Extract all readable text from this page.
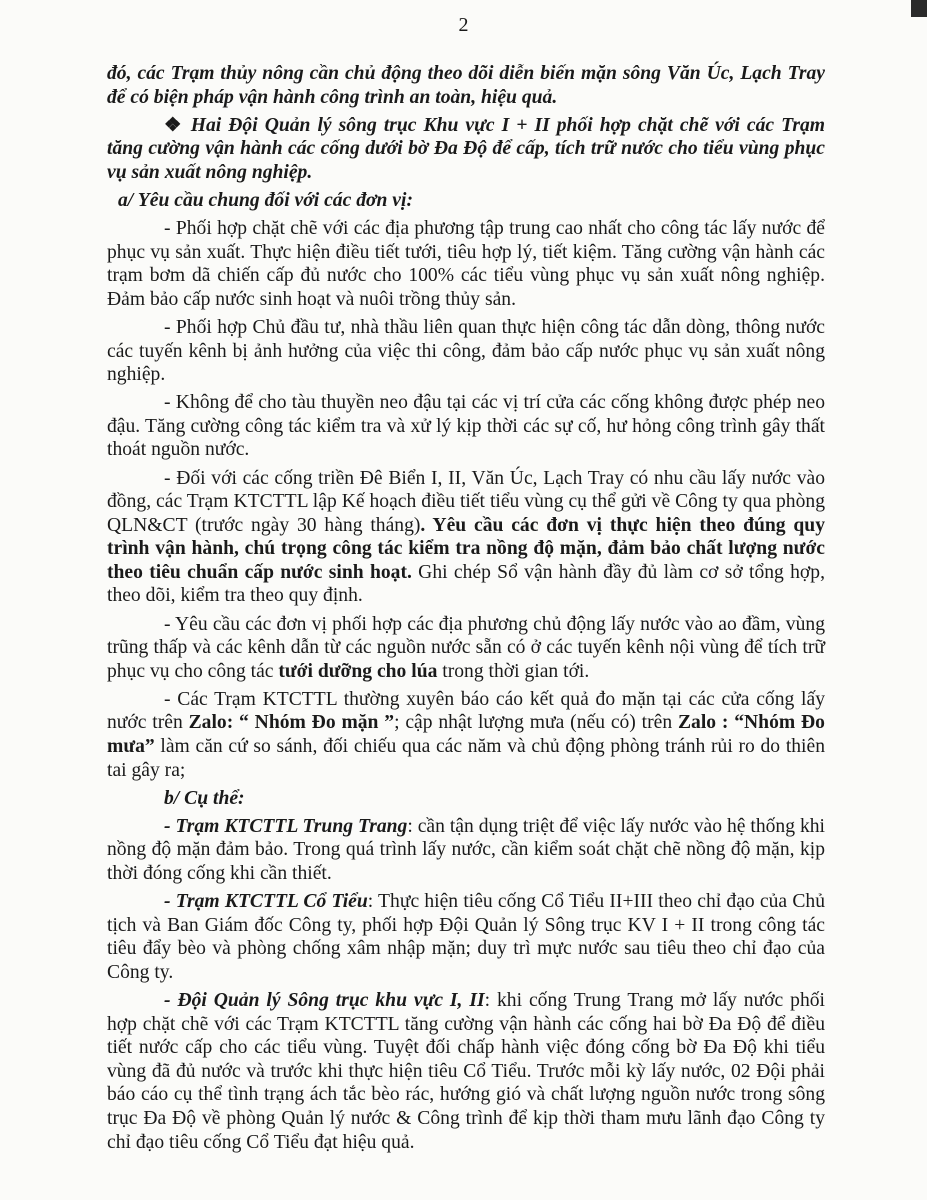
2

đó, các Trạm thủy nông cần chủ động theo dõi diễn biến mặn sông Văn Úc, Lạch Tray để có biện pháp vận hành công trình an toàn, hiệu quả.

❖ Hai Đội Quản lý sông trục Khu vực I + II phối hợp chặt chẽ với các Trạm tăng cường vận hành các cống dưới bờ Đa Độ để cấp, tích trữ nước cho tiểu vùng phục vụ sản xuất nông nghiệp.

a/ Yêu cầu chung đối với các đơn vị:

- Phối hợp chặt chẽ với các địa phương tập trung cao nhất cho công tác lấy nước để phục vụ sản xuất. Thực hiện điều tiết tưới, tiêu hợp lý, tiết kiệm. Tăng cường vận hành các trạm bơm dã chiến cấp đủ nước cho 100% các tiểu vùng phục vụ sản xuất nông nghiệp. Đảm bảo cấp nước sinh hoạt và nuôi trồng thủy sản.

- Phối hợp Chủ đầu tư, nhà thầu liên quan thực hiện công tác dẫn dòng, thông nước các tuyến kênh bị ảnh hưởng của việc thi công, đảm bảo cấp nước phục vụ sản xuất nông nghiệp.

- Không để cho tàu thuyền neo đậu tại các vị trí cửa các cống không được phép neo đậu. Tăng cường công tác kiểm tra và xử lý kịp thời các sự cố, hư hỏng công trình gây thất thoát nguồn nước.

- Đối với các cống triền Đê Biển I, II, Văn Úc, Lạch Tray có nhu cầu lấy nước vào đồng, các Trạm KTCTTL lập Kế hoạch điều tiết tiểu vùng cụ thể gửi về Công ty qua phòng QLN&CT (trước ngày 30 hàng tháng). Yêu cầu các đơn vị thực hiện theo đúng quy trình vận hành, chú trọng công tác kiểm tra nồng độ mặn, đảm bảo chất lượng nước theo tiêu chuẩn cấp nước sinh hoạt. Ghi chép Sổ vận hành đầy đủ làm cơ sở tổng hợp, theo dõi, kiểm tra theo quy định.

- Yêu cầu các đơn vị phối hợp các địa phương chủ động lấy nước vào ao đầm, vùng trũng thấp và các kênh dẫn từ các nguồn nước sẵn có ở các tuyến kênh nội vùng để tích trữ phục vụ cho công tác tưới dưỡng cho lúa trong thời gian tới.

- Các Trạm KTCTTL thường xuyên báo cáo kết quả đo mặn tại các cửa cống lấy nước trên Zalo: “ Nhóm Đo mặn ”; cập nhật lượng mưa (nếu có) trên Zalo : “Nhóm Đo mưa” làm căn cứ so sánh, đối chiếu qua các năm và chủ động phòng tránh rủi ro do thiên tai gây ra;

b/ Cụ thể:

- Trạm KTCTTL Trung Trang: cần tận dụng triệt để việc lấy nước vào hệ thống khi nồng độ mặn đảm bảo. Trong quá trình lấy nước, cần kiểm soát chặt chẽ nồng độ mặn, kịp thời đóng cống khi cần thiết.

- Trạm KTCTTL Cổ Tiểu: Thực hiện tiêu cống Cổ Tiểu II+III theo chỉ đạo của Chủ tịch và Ban Giám đốc Công ty, phối hợp Đội Quản lý Sông trục KV I + II trong công tác tiêu đẩy bèo và phòng chống xâm nhập mặn; duy trì mực nước sau tiêu theo chỉ đạo của Công ty.

- Đội Quản lý Sông trục khu vực I, II: khi cống Trung Trang mở lấy nước phối hợp chặt chẽ với các Trạm KTCTTL tăng cường vận hành các cống hai bờ Đa Độ để điều tiết nước cấp cho các tiểu vùng. Tuyệt đối chấp hành việc đóng cống bờ Đa Độ khi tiểu vùng đã đủ nước và trước khi thực hiện tiêu Cổ Tiểu. Trước mỗi kỳ lấy nước, 02 Đội phải báo cáo cụ thể tình trạng ách tắc bèo rác, hướng gió và chất lượng nguồn nước trong sông trục Đa Độ về phòng Quản lý nước & Công trình để kịp thời tham mưu lãnh đạo Công ty chỉ đạo tiêu cống Cổ Tiểu đạt hiệu quả.
